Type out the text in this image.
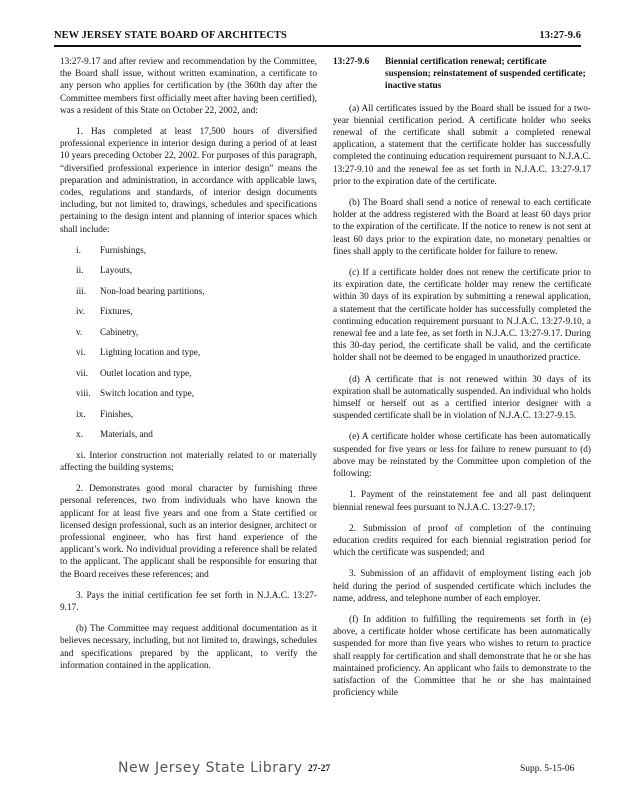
NEW JERSEY STATE BOARD OF ARCHITECTS	13:27-9.6

13:27-9.17 and after review and recommendation by the Committee, the Board shall issue, without written examination, a certificate to any person who applies for certification by (the 360th day after the Committee members first officially meet after having been certified), was a resident of this State on October 22, 2002, and:

1. Has completed at least 17,500 hours of diversified professional experience in interior design during a period of at least 10 years preceding October 22, 2002. For purposes of this paragraph, “diversified professional experience in interior design” means the preparation and administration, in accordance with applicable laws, codes, regulations and standards, of interior design documents including, but not limited to, drawings, schedules and specifications pertaining to the design intent and planning of interior spaces which shall include:

i.	Furnishings,
ii.	Layouts,
iii.	Non-load bearing partitions,
iv.	Fixtures,
v.	Cabinetry,
vi.	Lighting location and type,
vii.	Outlet location and type,
viii.	Switch location and type,
ix.	Finishes,
x.	Materials, and

xi. Interior construction not materially related to or materially affecting the building systems;

2. Demonstrates good moral character by furnishing three personal references, two from individuals who have known the applicant for at least five years and one from a State certified or licensed design professional, such as an interior designer, architect or professional engineer, who has first hand experience of the applicant’s work. No individual providing a reference shall be related to the applicant. The applicant shall be responsible for ensuring that the Board receives these references; and

3. Pays the initial certification fee set forth in N.J.A.C. 13:27-9.17.

(b) The Committee may request additional documentation as it believes necessary, including, but not limited to, drawings, schedules and specifications prepared by the applicant, to verify the information contained in the application.

13:27-9.6	Biennial certification renewal; certificate suspension; reinstatement of suspended certificate; inactive status

(a) All certificates issued by the Board shall be issued for a two-year biennial certification period. A certificate holder who seeks renewal of the certificate shall submit a completed renewal application, a statement that the certificate holder has successfully completed the continuing education requirement pursuant to N.J.A.C. 13:27-9.10 and the renewal fee as set forth in N.J.A.C. 13:27-9.17 prior to the expiration date of the certificate.

(b) The Board shall send a notice of renewal to each certificate holder at the address registered with the Board at least 60 days prior to the expiration of the certificate. If the notice to renew is not sent at least 60 days prior to the expiration date, no monetary penalties or fines shall apply to the certificate holder for failure to renew.

(c) If a certificate holder does not renew the certificate prior to its expiration date, the certificate holder may renew the certificate within 30 days of its expiration by submitting a renewal application, a statement that the certificate holder has successfully completed the continuing education requirement pursuant to N.J.A.C. 13:27-9.10, a renewal fee and a late fee, as set forth in N.J.A.C. 13:27-9.17. During this 30-day period, the certificate shall be valid, and the certificate holder shall not be deemed to be engaged in unauthorized practice.

(d) A certificate that is not renewed within 30 days of its expiration shall be automatically suspended. An individual who holds himself or herself out as a certified interior designer with a suspended certificate shall be in violation of N.J.A.C. 13:27-9.15.

(e) A certificate holder whose certificate has been automatically suspended for five years or less for failure to renew pursuant to (d) above may be reinstated by the Committee upon completion of the following:

1. Payment of the reinstatement fee and all past delinquent biennial renewal fees pursuant to N.J.A.C. 13:27-9.17;

2. Submission of proof of completion of the continuing education credits required for each biennial registration period for which the certificate was suspended; and

3. Submission of an affidavit of employment listing each job held during the period of suspended certificate which includes the name, address, and telephone number of each employer.

(f) In addition to fulfilling the requirements set forth in (e) above, a certificate holder whose certificate has been automatically suspended for more than five years who wishes to return to practice shall reapply for certification and shall demonstrate that he or she has maintained proficiency. An applicant who fails to demonstrate to the satisfaction of the Committee that he or she has maintained proficiency while

New Jersey State Library 27-27	Supp. 5-15-06
